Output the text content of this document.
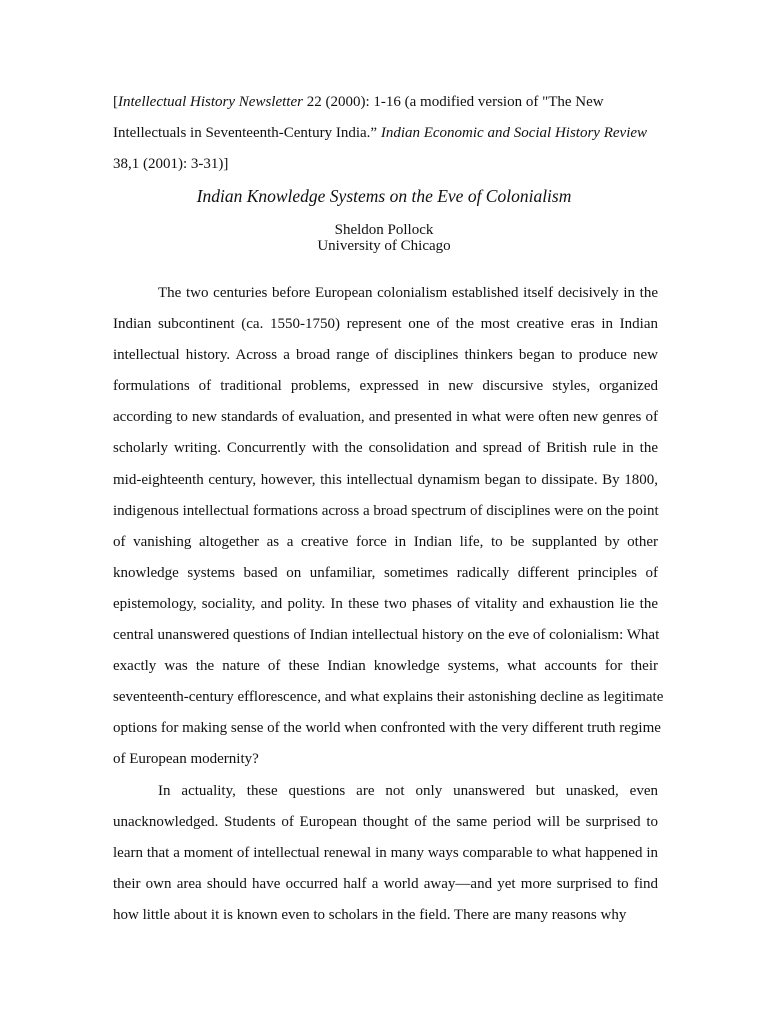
[Intellectual History Newsletter 22 (2000): 1-16 (a modified version of "The New Intellectuals in Seventeenth-Century India.” Indian Economic and Social History Review 38,1 (2001): 3-31)]

Indian Knowledge Systems on the Eve of Colonialism
Sheldon Pollock
University of Chicago

The two centuries before European colonialism established itself decisively in the
Indian subcontinent (ca. 1550-1750) represent one of the most creative eras in Indian
intellectual history. Across a broad range of disciplines thinkers began to produce new
formulations of traditional problems, expressed in new discursive styles, organized
according to new standards of evaluation, and presented in what were often new genres of
scholarly writing. Concurrently with the consolidation and spread of British rule in the
mid-eighteenth century, however, this intellectual dynamism began to dissipate. By 1800,
indigenous intellectual formations across a broad spectrum of disciplines were on the point
of vanishing altogether as a creative force in Indian life, to be supplanted by other
knowledge systems based on unfamiliar, sometimes radically different principles of
epistemology, sociality, and polity. In these two phases of vitality and exhaustion lie the
central unanswered questions of Indian intellectual history on the eve of colonialism: What
exactly was the nature of these Indian knowledge systems, what accounts for their
seventeenth-century efflorescence, and what explains their astonishing decline as legitimate
options for making sense of the world when confronted with the very different truth regime
of European modernity?

In actuality, these questions are not only unanswered but unasked, even
unacknowledged. Students of European thought of the same period will be surprised to
learn that a moment of intellectual renewal in many ways comparable to what happened in
their own area should have occurred half a world away—and yet more surprised to find
how little about it is known even to scholars in the field. There are many reasons why
